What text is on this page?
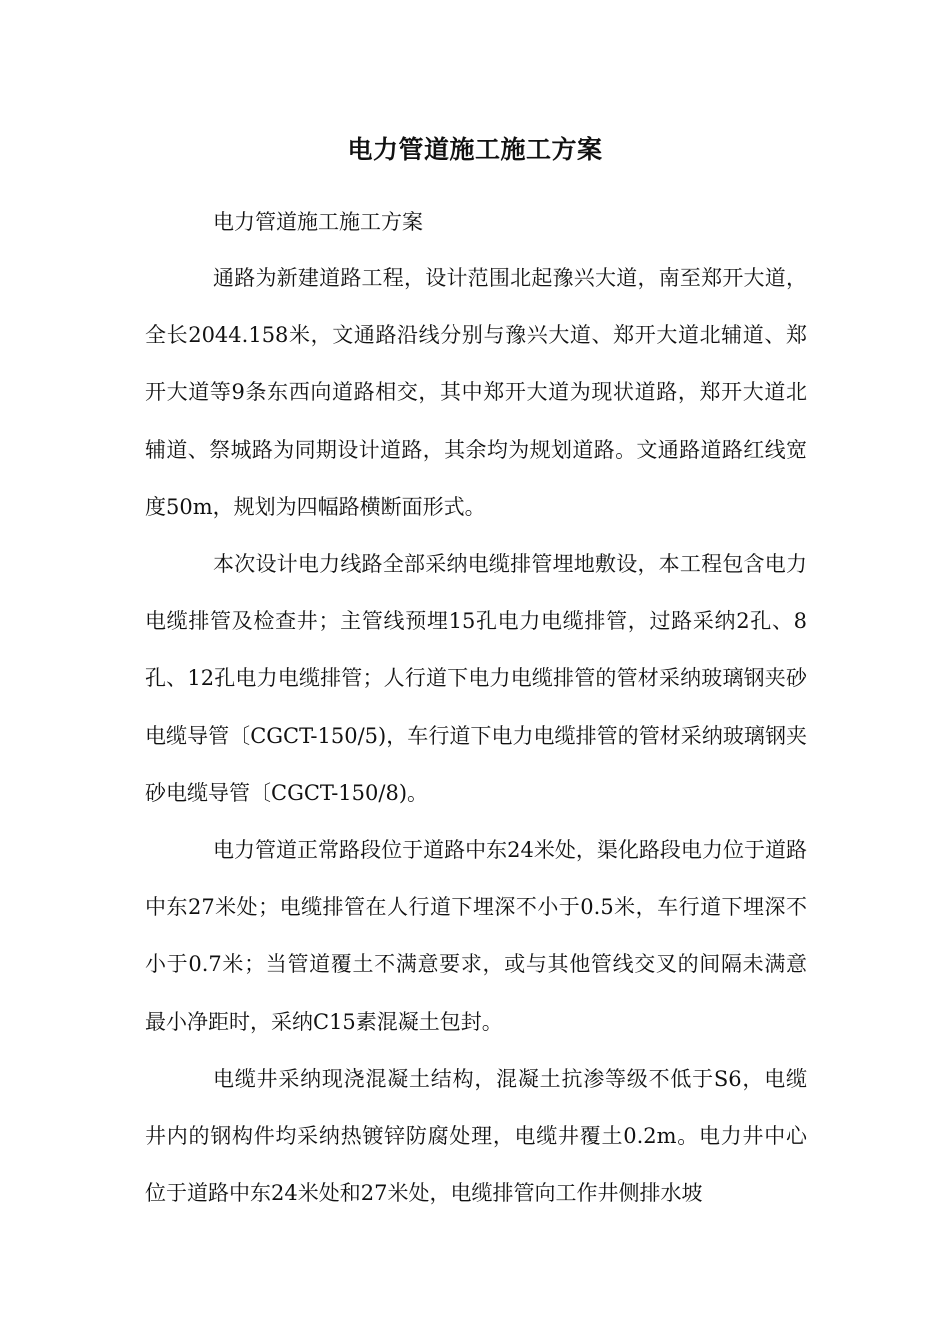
电力管道施工施工方案

电力管道施工施工方案

通路为新建道路工程，设计范围北起豫兴大道，南至郑开大道，全长2044.158米，文通路沿线分别与豫兴大道、郑开大道北辅道、郑开大道等9条东西向道路相交，其中郑开大道为现状道路，郑开大道北辅道、祭城路为同期设计道路，其余均为规划道路。文通路道路红线宽度50m，规划为四幅路横断面形式。

本次设计电力线路全部采纳电缆排管埋地敷设，本工程包含电力电缆排管及检查井；主管线预埋15孔电力电缆排管，过路采纳2孔、8孔、12孔电力电缆排管；人行道下电力电缆排管的管材采纳玻璃钢夹砂电缆导管〔CGCT-150/5)，车行道下电力电缆排管的管材采纳玻璃钢夹砂电缆导管〔CGCT-150/8)。

电力管道正常路段位于道路中东24米处，渠化路段电力位于道路中东27米处；电缆排管在人行道下埋深不小于0.5米，车行道下埋深不小于0.7米；当管道覆土不满意要求，或与其他管线交叉的间隔未满意最小净距时，采纳C15素混凝土包封。

电缆井采纳现浇混凝土结构，混凝土抗渗等级不低于S6，电缆井内的钢构件均采纳热镀锌防腐处理，电缆井覆土0.2m。电力井中心位于道路中东24米处和27米处，电缆排管向工作井侧排水坡
